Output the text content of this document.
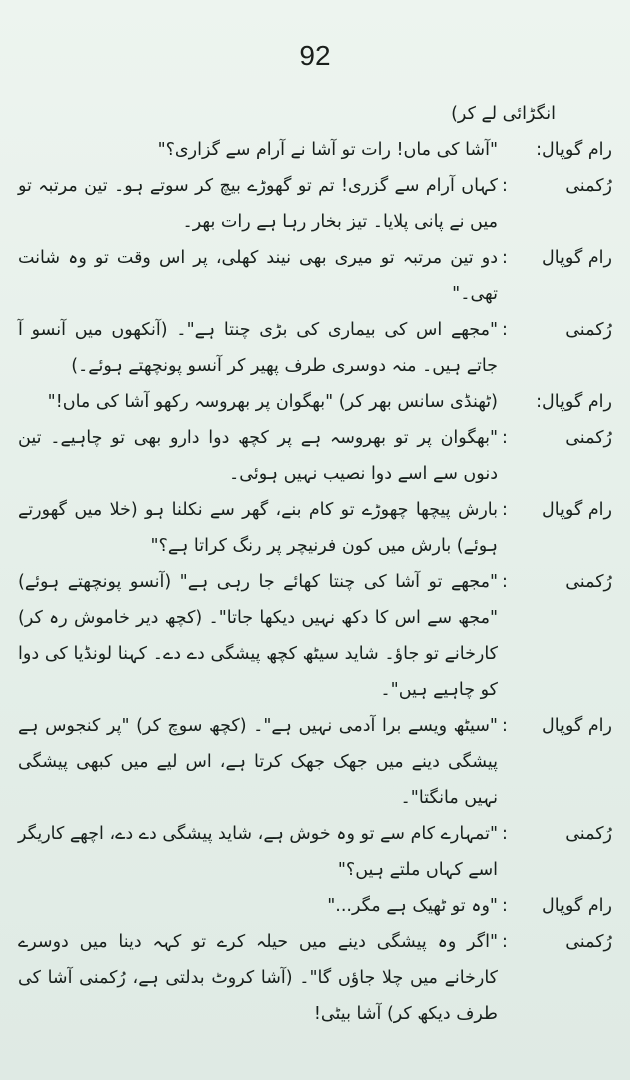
92

انگڑائی لے کر)

رام گوپال:
"آشا کی ماں! رات تو آشا نے آرام سے گزاری؟"
رُکمنی
:
کہاں آرام سے گزری! تم تو گھوڑے بیچ کر سوتے ہو۔ تین مرتبہ تو میں نے پانی پلایا۔ تیز بخار رہا ہے رات بھر۔
رام گوپال
:
دو تین مرتبہ تو میری بھی نیند کھلی، پر اس وقت تو وہ شانت تھی۔"
رُکمنی
:
"مجھے اس کی بیماری کی بڑی چنتا ہے"۔ (آنکھوں میں آنسو آ جاتے ہیں۔ منہ دوسری طرف پھیر کر آنسو پونچھتے ہوئے۔)
رام گوپال:
(ٹھنڈی سانس بھر کر) "بھگوان پر بھروسہ رکھو آشا کی ماں!"
رُکمنی
:
"بھگوان پر تو بھروسہ ہے پر کچھ دوا دارو بھی تو چاہیے۔ تین دنوں سے اسے دوا نصیب نہیں ہوئی۔
رام گوپال
:
بارش پیچھا چھوڑے تو کام بنے، گھر سے نکلنا ہو (خلا میں گھورتے ہوئے) بارش میں کون فرنیچر پر رنگ کراتا ہے؟"
رُکمنی
:
"مجھے تو آشا کی چنتا کھائے جا رہی ہے" (آنسو پونچھتے ہوئے) "مجھ سے اس کا دکھ نہیں دیکھا جاتا"۔ (کچھ دیر خاموش رہ کر) کارخانے تو جاؤ۔ شاید سیٹھ کچھ پیشگی دے دے۔ کہنا لونڈیا کی دوا کو چاہیے ہیں"۔
رام گوپال
:
"سیٹھ ویسے برا آدمی نہیں ہے"۔ (کچھ سوچ کر) "پر کنجوس ہے پیشگی دینے میں جھک جھک کرتا ہے، اس لیے میں کبھی پیشگی نہیں مانگتا"۔
رُکمنی
:
"تمہارے کام سے تو وہ خوش ہے، شاید پیشگی دے دے، اچھے کاریگر اسے کہاں ملتے ہیں؟"
رام گوپال
:
"وہ تو ٹھیک ہے مگر..."
رُکمنی
:
"اگر وہ پیشگی دینے میں حیلہ کرے تو کہہ دینا میں دوسرے کارخانے میں چلا جاؤں گا"۔ (آشا کروٹ بدلتی ہے، رُکمنی آشا کی طرف دیکھ کر) آشا بیٹی!
